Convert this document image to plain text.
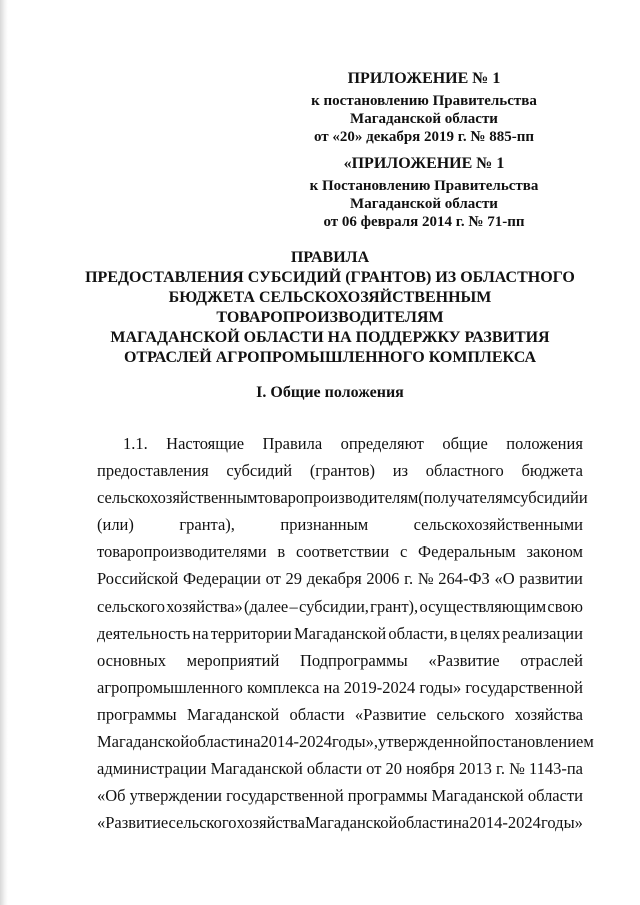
ПРИЛОЖЕНИЕ № 1
к постановлению Правительства
Магаданской области
от «20» декабря 2019 г. № 885-пп
«ПРИЛОЖЕНИЕ № 1
к Постановлению Правительства
Магаданской области
от 06 февраля 2014 г. № 71-пп
ПРАВИЛА
ПРЕДОСТАВЛЕНИЯ СУБСИДИЙ (ГРАНТОВ) ИЗ ОБЛАСТНОГО
БЮДЖЕТА СЕЛЬСКОХОЗЯЙСТВЕННЫМ
ТОВАРОПРОИЗВОДИТЕЛЯМ
МАГАДАНСКОЙ ОБЛАСТИ НА ПОДДЕРЖКУ РАЗВИТИЯ
ОТРАСЛЕЙ АГРОПРОМЫШЛЕННОГО КОМПЛЕКСА
I. Общие положения
1.1. Настоящие Правила определяют общие положения
предоставления субсидий (грантов) из областного бюджета
сельскохозяйственным товаропроизводителям (получателям субсидий и
(или)	гранта),	признанным	сельскохозяйственными
товаропроизводителями в соответствии с Федеральным законом
Российской Федерации от 29 декабря 2006 г. № 264-ФЗ «О развитии
сельского хозяйства» (далее – субсидии, грант), осуществляющим свою
деятельность на территории Магаданской области, в целях реализации
основных мероприятий Подпрограммы «Развитие отраслей
агропромышленного комплекса на 2019-2024 годы» государственной
программы Магаданской области «Развитие сельского хозяйства
Магаданской области на 2014-2024 годы», утвержденной постановлением
администрации Магаданской области от 20 ноября 2013 г. № 1143-па
«Об утверждении государственной программы Магаданской области
«Развитие сельского хозяйства Магаданской области на 2014-2024 годы»
